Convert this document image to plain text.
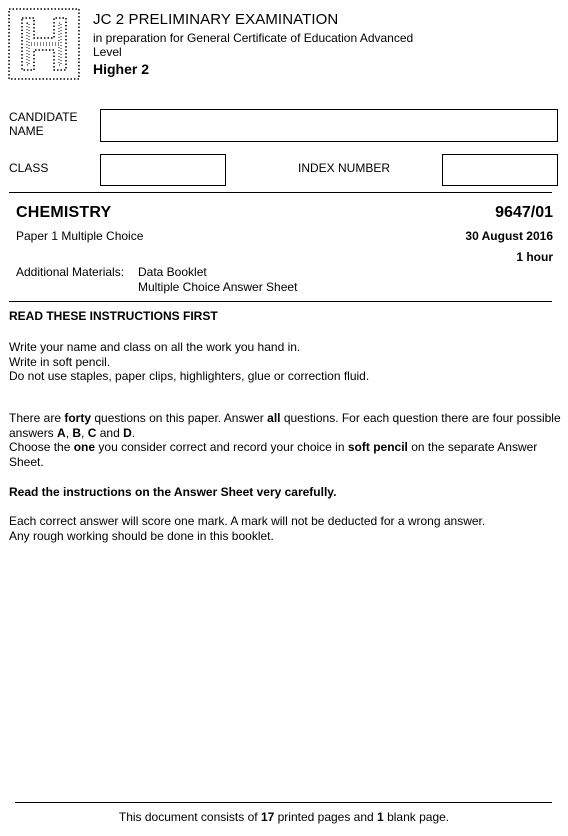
JC 2 PRELIMINARY EXAMINATION
in preparation for General Certificate of Education Advanced
Level
Higher 2
CANDIDATE
NAME
CLASS	INDEX NUMBER
CHEMISTRY	9647/01
Paper 1 Multiple Choice	30 August 2016
1 hour
Additional Materials: Data Booklet
Multiple Choice Answer Sheet
READ THESE INSTRUCTIONS FIRST
Write your name and class on all the work you hand in.
Write in soft pencil.
Do not use staples, paper clips, highlighters, glue or correction fluid.
There are forty questions on this paper. Answer all questions. For each question there are four possible answers A, B, C and D.
Choose the one you consider correct and record your choice in soft pencil on the separate Answer Sheet.
Read the instructions on the Answer Sheet very carefully.
Each correct answer will score one mark. A mark will not be deducted for a wrong answer.
Any rough working should be done in this booklet.
This document consists of 17 printed pages and 1 blank page.
